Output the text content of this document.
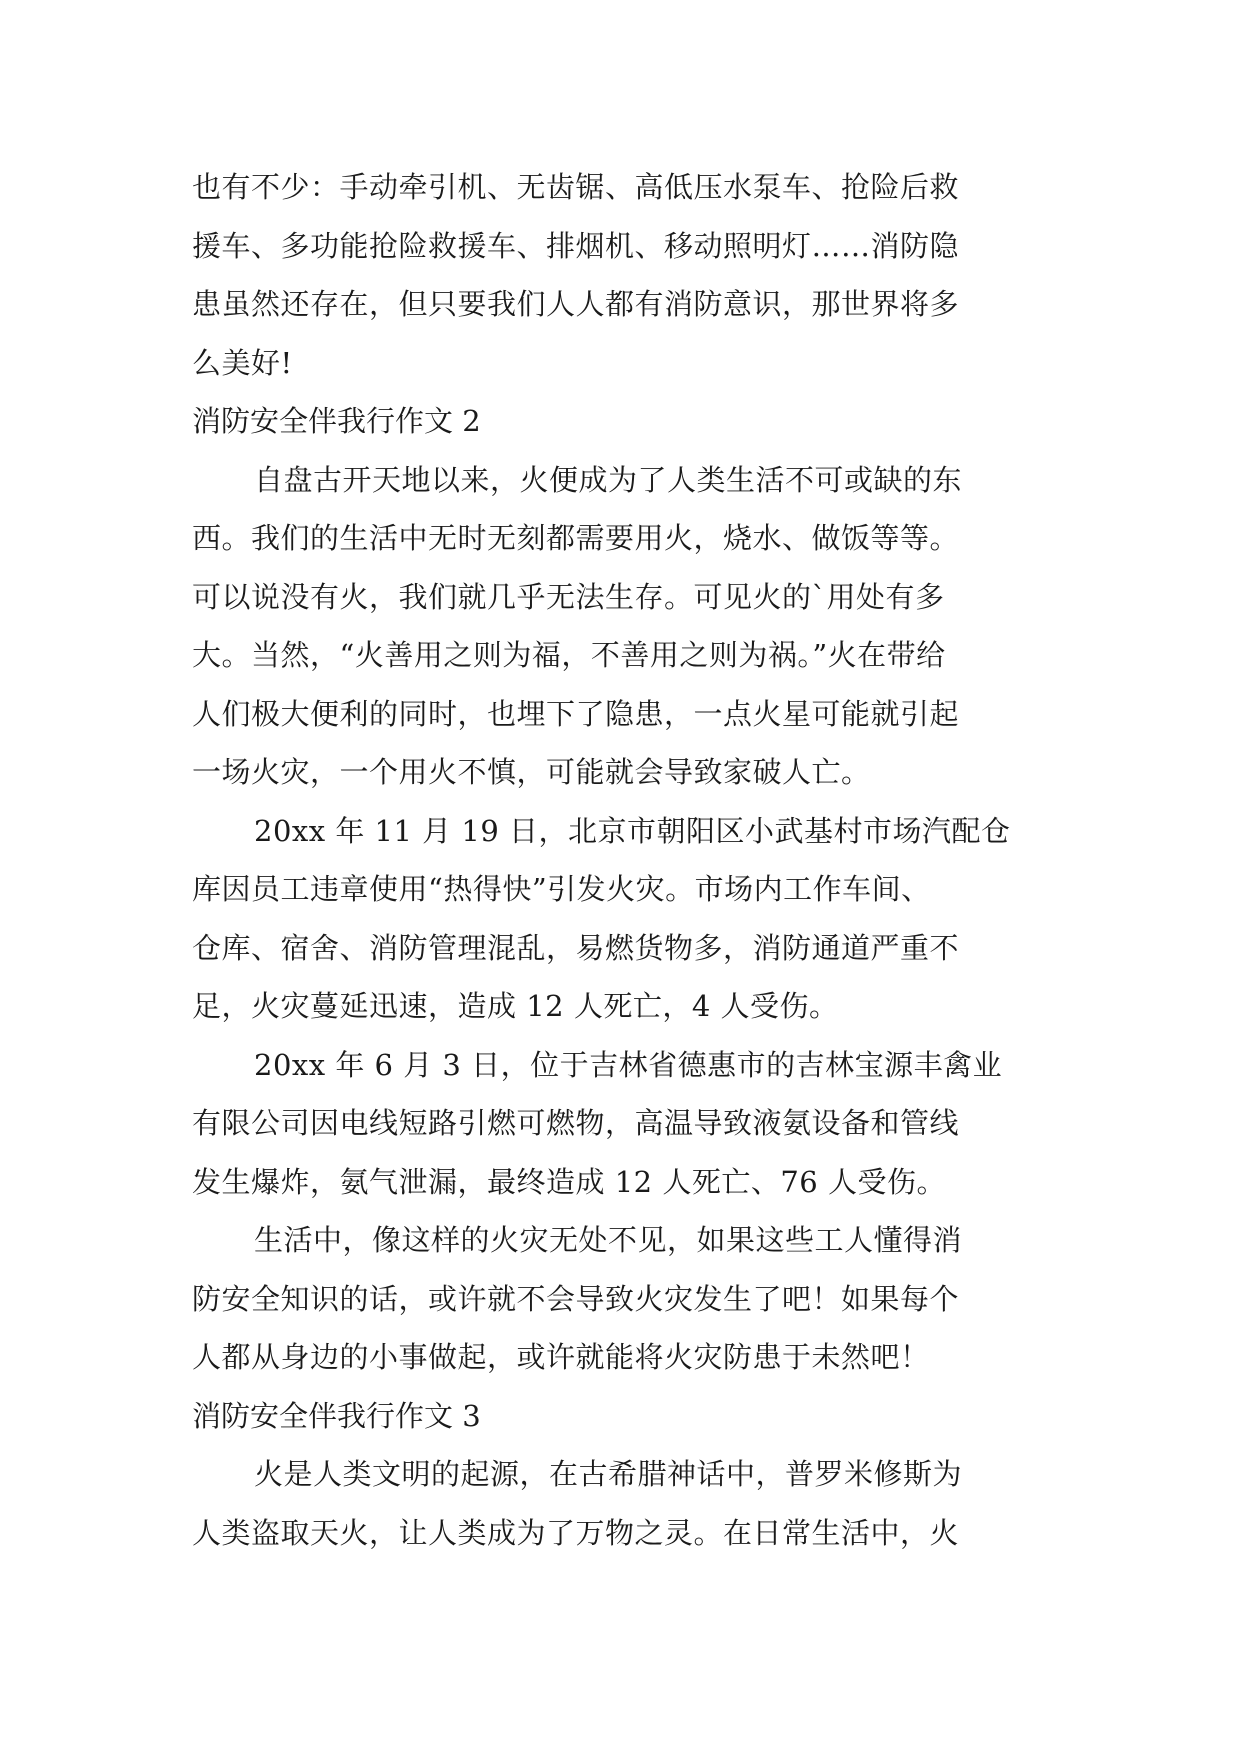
也有不少：手动牵引机、无齿锯、高低压水泵车、抢险后救
援车、多功能抢险救援车、排烟机、移动照明灯……消防隐
患虽然还存在，但只要我们人人都有消防意识，那世界将多
么美好!
消防安全伴我行作文 2
自盘古开天地以来，火便成为了人类生活不可或缺的东
西。我们的生活中无时无刻都需要用火，烧水、做饭等等。
可以说没有火，我们就几乎无法生存。可见火的`用处有多
大。当然，“火善用之则为福，不善用之则为祸。”火在带给
人们极大便利的同时，也埋下了隐患，一点火星可能就引起
一场火灾，一个用火不慎，可能就会导致家破人亡。
20xx 年 11 月 19 日，北京市朝阳区小武基村市场汽配仓
库因员工违章使用“热得快”引发火灾。市场内工作车间、
仓库、宿舍、消防管理混乱，易燃货物多，消防通道严重不
足，火灾蔓延迅速，造成 12 人死亡，4 人受伤。
20xx 年 6 月 3 日，位于吉林省德惠市的吉林宝源丰禽业
有限公司因电线短路引燃可燃物，高温导致液氨设备和管线
发生爆炸，氨气泄漏，最终造成 12 人死亡、76 人受伤。
生活中，像这样的火灾无处不见，如果这些工人懂得消
防安全知识的话，或许就不会导致火灾发生了吧！如果每个
人都从身边的小事做起，或许就能将火灾防患于未然吧！
消防安全伴我行作文 3
火是人类文明的起源，在古希腊神话中，普罗米修斯为
人类盗取天火，让人类成为了万物之灵。在日常生活中，火
